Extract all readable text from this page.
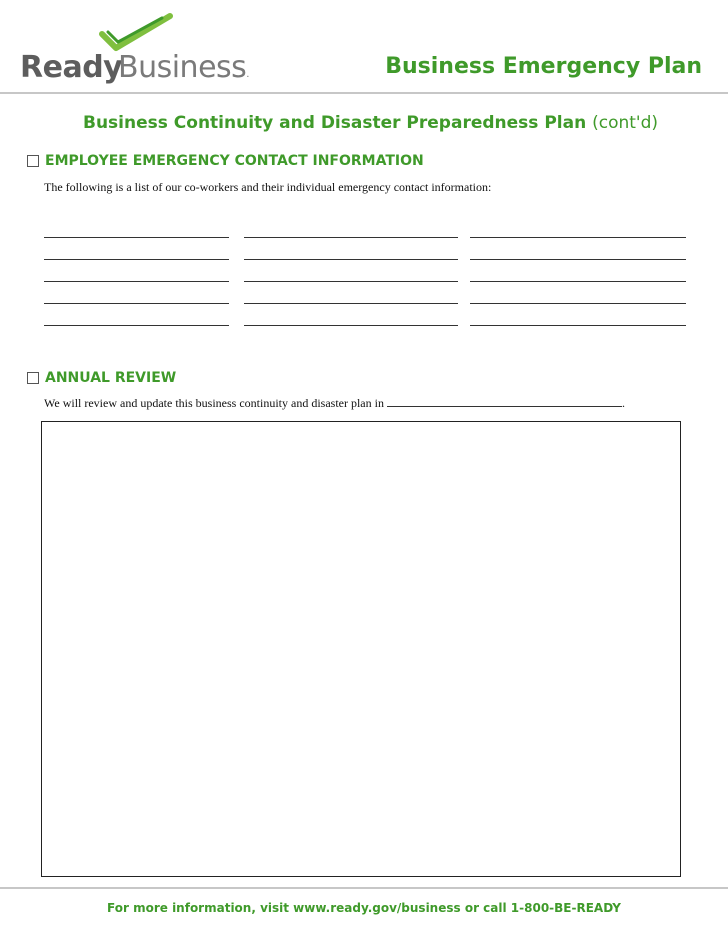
Ready
Business.	Business Emergency Plan
Business Continuity and Disaster Preparedness Plan (cont'd)
EMPLOYEE EMERGENCY CONTACT INFORMATION
The following is a list of our co-workers and their individual emergency contact information:
ANNUAL REVIEW
We will review and update this business continuity and disaster plan in	.
For more information, visit www.ready.gov/business or call 1-800-BE-READY
